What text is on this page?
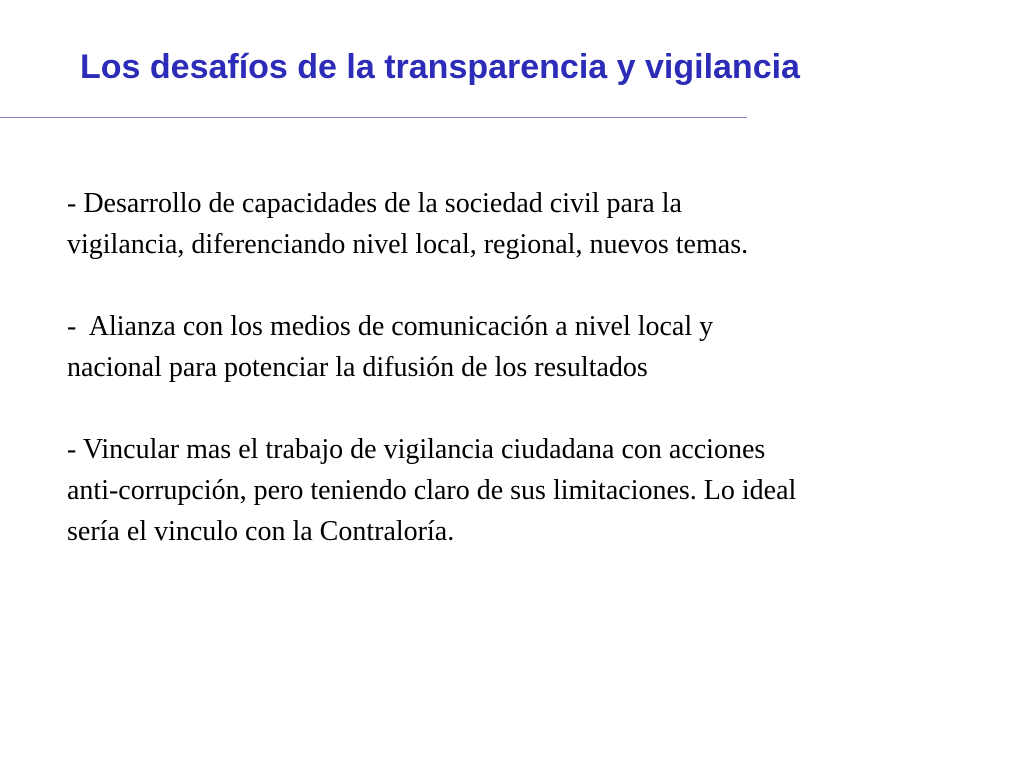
Los desafíos de la transparencia y vigilancia

- Desarrollo de capacidades de la sociedad civil para la
vigilancia, diferenciando nivel local, regional, nuevos temas.

-  Alianza con los medios de comunicación a nivel local y
nacional para potenciar la difusión de los resultados

- Vincular mas el trabajo de vigilancia ciudadana con acciones
anti-corrupción, pero teniendo claro de sus limitaciones. Lo ideal
sería el vinculo con la Contraloría.
